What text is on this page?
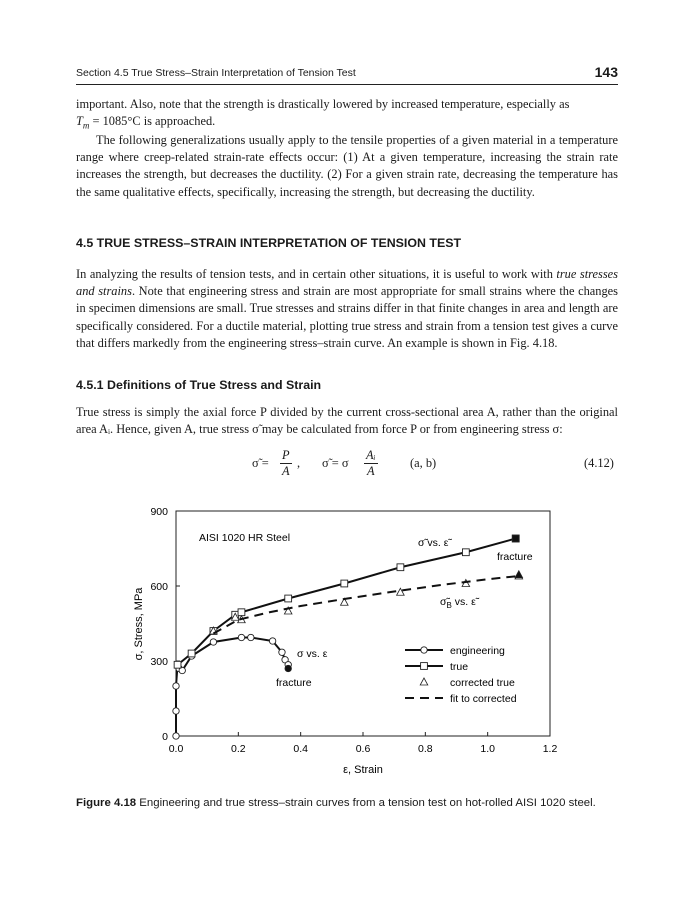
Section 4.5 True Stress–Strain Interpretation of Tension Test	143
important. Also, note that the strength is drastically lowered by increased temperature, especially as
$T_m = 1085^\circ C$ is approached.
The following generalizations usually apply to the tensile properties of a given material in a temperature range where creep-related strain-rate effects occur: (1) At a given temperature, increasing the strain rate increases the strength, but decreases the ductility. (2) For a given strain rate, decreasing the temperature has the same qualitative effects, specifically, increasing the strength, but decreasing the ductility.
4.5 TRUE STRESS–STRAIN INTERPRETATION OF TENSION TEST
In analyzing the results of tension tests, and in certain other situations, it is useful to work with true stresses and strains. Note that engineering stress and strain are most appropriate for small strains where the changes in specimen dimensions are small. True stresses and strains differ in that finite changes in area and length are specifically considered. For a ductile material, plotting true stress and strain from a tension test gives a curve that differs markedly from the engineering stress–strain curve. An example is shown in Fig. 4.18.
4.5.1 Definitions of True Stress and Strain
True stress is simply the axial force P divided by the current cross-sectional area A, rather than the original area Aᵢ. Hence, given A, true stress σ̃ may be calculated from force P or from engineering stress σ:
σ̃ = $\frac{P}{A}$ , σ̃ = σ $\frac{\text{Aᵢ}}{A}$	(a, b)	(4.12)
0.0	0.2	0.4	0.6	0.8	1.0	1.2
0
300
600
900
AISI 1020 HR Steel	σ̃ vs. ε̃
fracture
$\sigmã_B$ vs. ε̃
σ vs. ε
fracture
engineering
true
corrected true
fit to corrected
ε, Strain
σ, Stress, MPa
Figure 4.18 Engineering and true stress–strain curves from a tension test on hot-rolled AISI 1020 steel.
